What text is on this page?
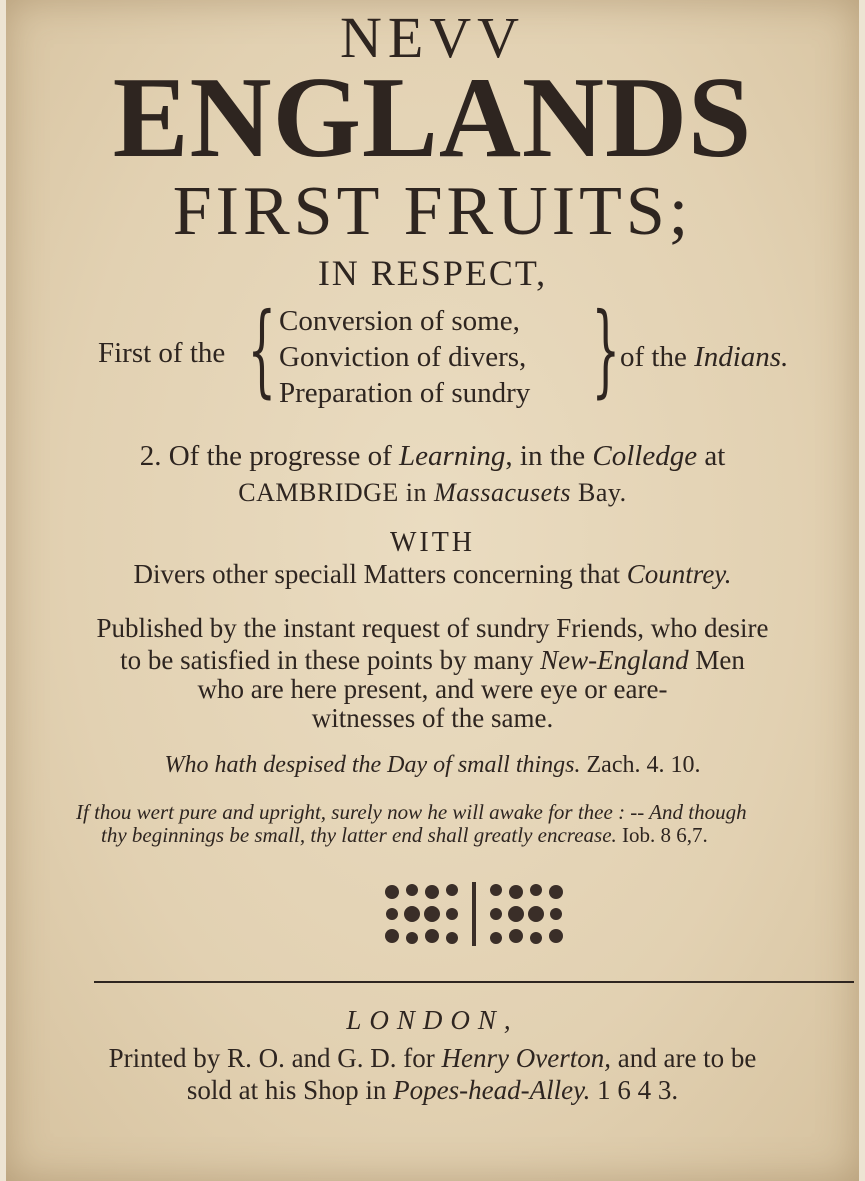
NEVV
ENGLANDS
FIRST FRUITS;
IN RESPECT,
First of the { Conversion of some,
Gonviction of divers,
Preparation of sundry } of the Indians.
2. Of the progresse of Learning, in the Colledge at
CAMBRIDGE in Massacusets Bay.
WITH
Divers other speciall Matters concerning that Countrey.
Published by the instant request of sundry Friends, who desire
to be satisfied in these points by many New-England Men
who are here present, and were eye or eare-
witnesses of the same.
Who hath despised the Day of small things. Zach. 4. 10.
If thou wert pure and upright, surely now he will awake for thee : -- And though
thy beginnings be small, thy latter end shall greatly encrease. Iob. 8 6,7.
LONDON,
Printed by R. O. and G. D. for Henry Overton, and are to be
sold at his Shop in Popes-head-Alley. 1 6 4 3.
